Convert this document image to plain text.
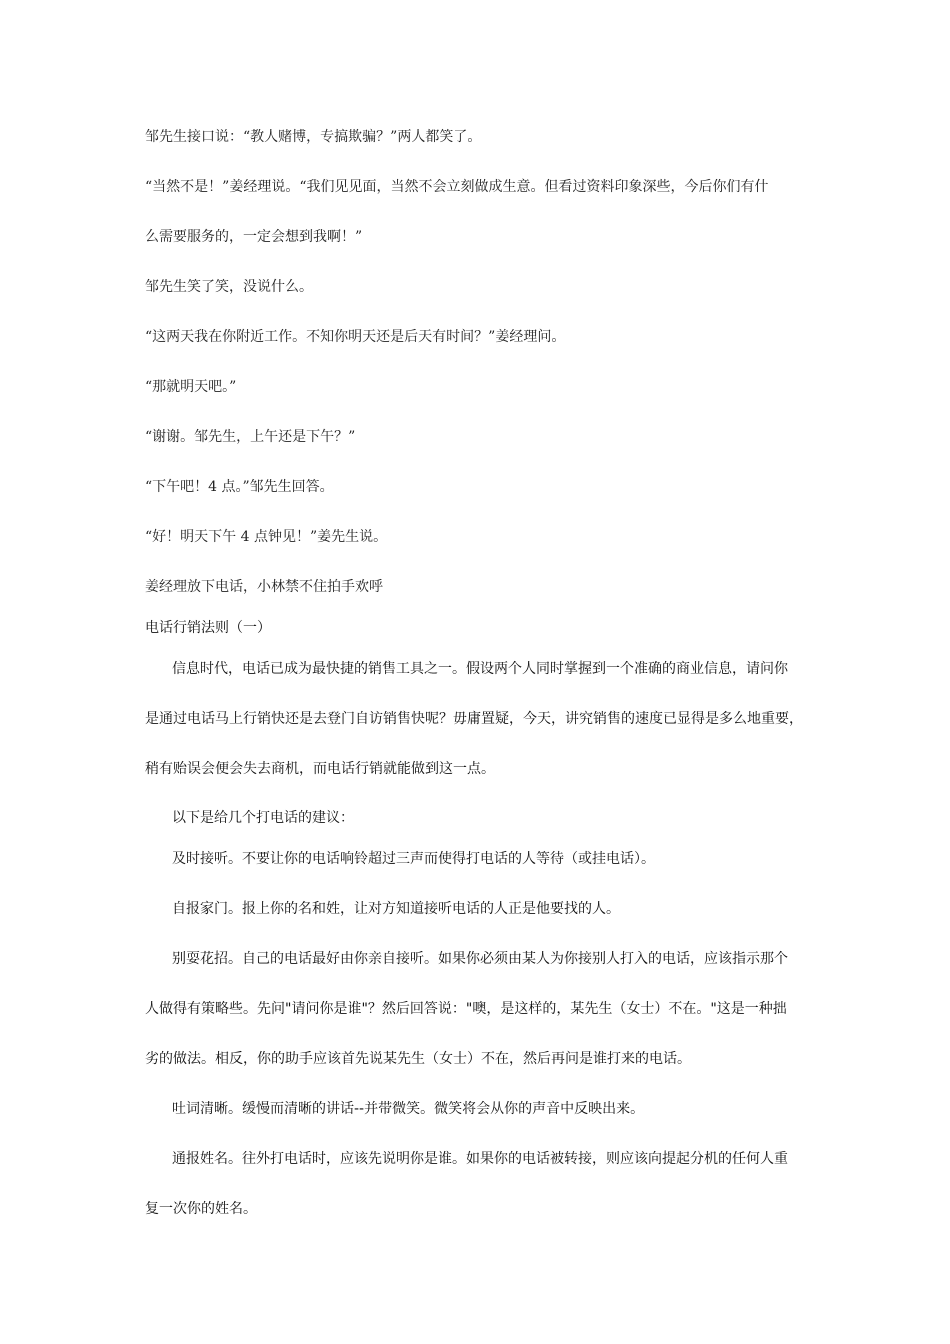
邹先生接口说：“教人赌博，专搞欺骗？”两人都笑了。
“当然不是！”姜经理说。“我们见见面，当然不会立刻做成生意。但看过资料印象深些，今后你们有什
么需要服务的，一定会想到我啊！”
邹先生笑了笑，没说什么。
“这两天我在你附近工作。不知你明天还是后天有时间？”姜经理问。
“那就明天吧。”
“谢谢。邹先生，上午还是下午？”
“下午吧！4 点。”邹先生回答。
“好！明天下午 4 点钟见！”姜先生说。
姜经理放下电话，小林禁不住拍手欢呼
电话行销法则（一）
信息时代，电话已成为最快捷的销售工具之一。假设两个人同时掌握到一个准确的商业信息，请问你
是通过电话马上行销快还是去登门自访销售快呢？毋庸置疑，今天，讲究销售的速度已显得是多么地重要，
稍有贻误会便会失去商机，而电话行销就能做到这一点。
以下是给几个打电话的建议：
及时接听。不要让你的电话响铃超过三声而使得打电话的人等待（或挂电话）。
自报家门。报上你的名和姓，让对方知道接听电话的人正是他要找的人。
别耍花招。自己的电话最好由你亲自接听。如果你必须由某人为你接别人打入的电话，应该指示那个
人做得有策略些。先问"请问你是谁"？然后回答说："噢，是这样的，某先生（女士）不在。"这是一种拙
劣的做法。相反，你的助手应该首先说某先生（女士）不在，然后再问是谁打来的电话。
吐词清晰。缓慢而清晰的讲话--并带微笑。微笑将会从你的声音中反映出来。
通报姓名。往外打电话时，应该先说明你是谁。如果你的电话被转接，则应该向提起分机的任何人重
复一次你的姓名。
